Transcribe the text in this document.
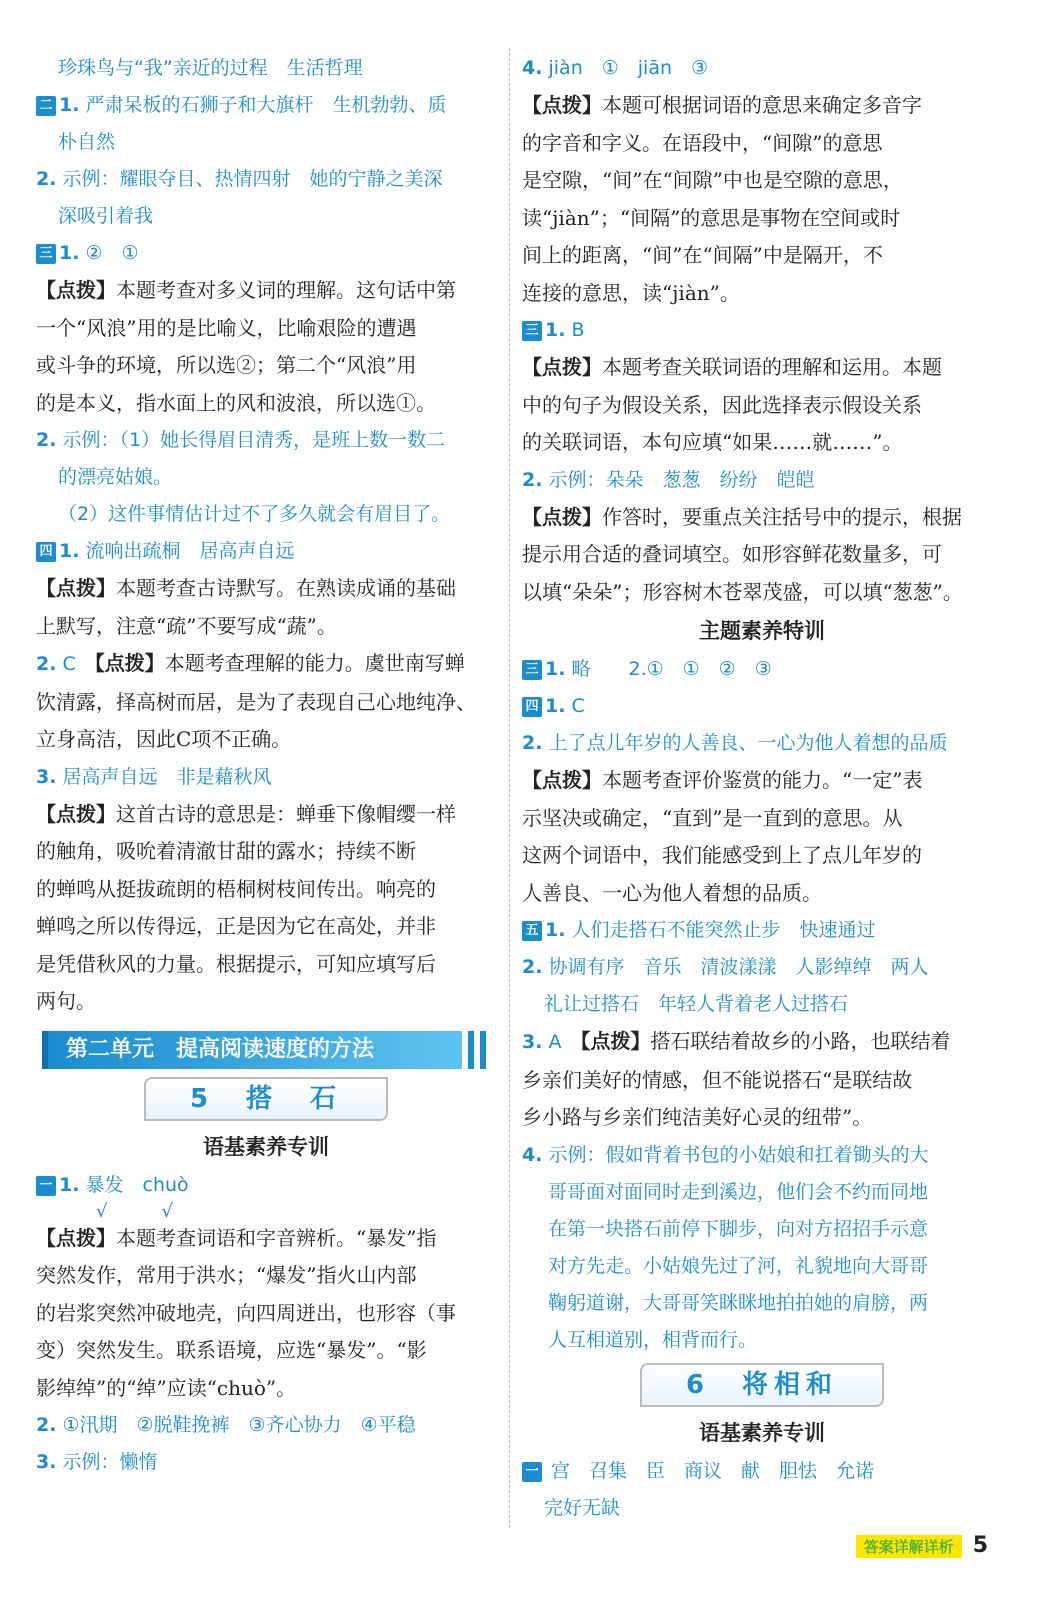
珍珠鸟与“我”亲近的过程　生活哲理

二 1. 严肃呆板的石狮子和大旗杆　生机勃勃、质

朴自然

2. 示例：耀眼夺目、热情四射　她的宁静之美深

深吸引着我

三 1. ②　①

【点拨】本题考查对多义词的理解。这句话中第

一个“风浪”用的是比喻义，比喻艰险的遭遇

或斗争的环境，所以选②；第二个“风浪”用

的是本义，指水面上的风和波浪，所以选①。

2. 示例：（1）她长得眉目清秀，是班上数一数二

的漂亮姑娘。

（2）这件事情估计过不了多久就会有眉目了。

四 1. 流响出疏桐　居高声自远

【点拨】本题考查古诗默写。在熟读成诵的基础

上默写，注意“疏”不要写成“蔬”。

2. C　【点拨】本题考查理解的能力。虞世南写蝉

饮清露，择高树而居，是为了表现自己心地纯净、

立身高洁，因此C项不正确。

3. 居高声自远　非是藉秋风

【点拨】这首古诗的意思是：蝉垂下像帽缨一样

的触角，吸吮着清澈甘甜的露水；持续不断

的蝉鸣从挺拔疏朗的梧桐树枝间传出。响亮的

蝉鸣之所以传得远，正是因为它在高处，并非

是凭借秋风的力量。根据提示，可知应填写后

两句。

第二单元　提高阅读速度的方法
5　搭　石
语基素养专训

一 1. 暴发　chuò

√　　　√

【点拨】本题考查词语和字音辨析。“暴发”指

突然发作，常用于洪水；“爆发”指火山内部

的岩浆突然冲破地壳，向四周迸出，也形容（事

变）突然发生。联系语境，应选“暴发”。“影

影绰绰”的“绰”应读“chuò”。

2. ①汛期　②脱鞋挽裤　③齐心协力　④平稳

3. 示例：懒惰

4. jiàn　①　jiān　③

【点拨】本题可根据词语的意思来确定多音字

的字音和字义。在语段中，“间隙”的意思

是空隙，“间”在“间隙”中也是空隙的意思，

读“jiàn”；“间隔”的意思是事物在空间或时

间上的距离，“间”在“间隔”中是隔开，不

连接的意思，读“jiàn”。

三 1. B

【点拨】本题考查关联词语的理解和运用。本题

中的句子为假设关系，因此选择表示假设关系

的关联词语，本句应填“如果……就……”。

2. 示例：朵朵　葱葱　纷纷　皑皑

【点拨】作答时，要重点关注括号中的提示，根据

提示用合适的叠词填空。如形容鲜花数量多，可

以填“朵朵”；形容树木苍翠茂盛，可以填“葱葱”。

主题素养特训

三 1. 略　　2.①　①　②　③

四 1. C

2. 上了点儿年岁的人善良、一心为他人着想的品质

【点拨】本题考查评价鉴赏的能力。“一定”表

示坚决或确定，“直到”是一直到的意思。从

这两个词语中，我们能感受到上了点儿年岁的

人善良、一心为他人着想的品质。

五 1. 人们走搭石不能突然止步　快速通过

2. 协调有序　音乐　清波漾漾　人影绰绰　两人

礼让过搭石　年轻人背着老人过搭石

3. A　【点拨】搭石联结着故乡的小路，也联结着

乡亲们美好的情感，但不能说搭石“是联结故

乡小路与乡亲们纯洁美好心灵的纽带”。

4. 示例：假如背着书包的小姑娘和扛着锄头的大

哥哥面对面同时走到溪边，他们会不约而同地

在第一块搭石前停下脚步，向对方招招手示意

对方先走。小姑娘先过了河，礼貌地向大哥哥

鞠躬道谢，大哥哥笑眯眯地拍拍她的肩膀，两

人互相道别，相背而行。

6　将相和
语基素养专训

一 宫　召集　臣　商议　献　胆怯　允诺

完好无缺

答案详解详析 5
